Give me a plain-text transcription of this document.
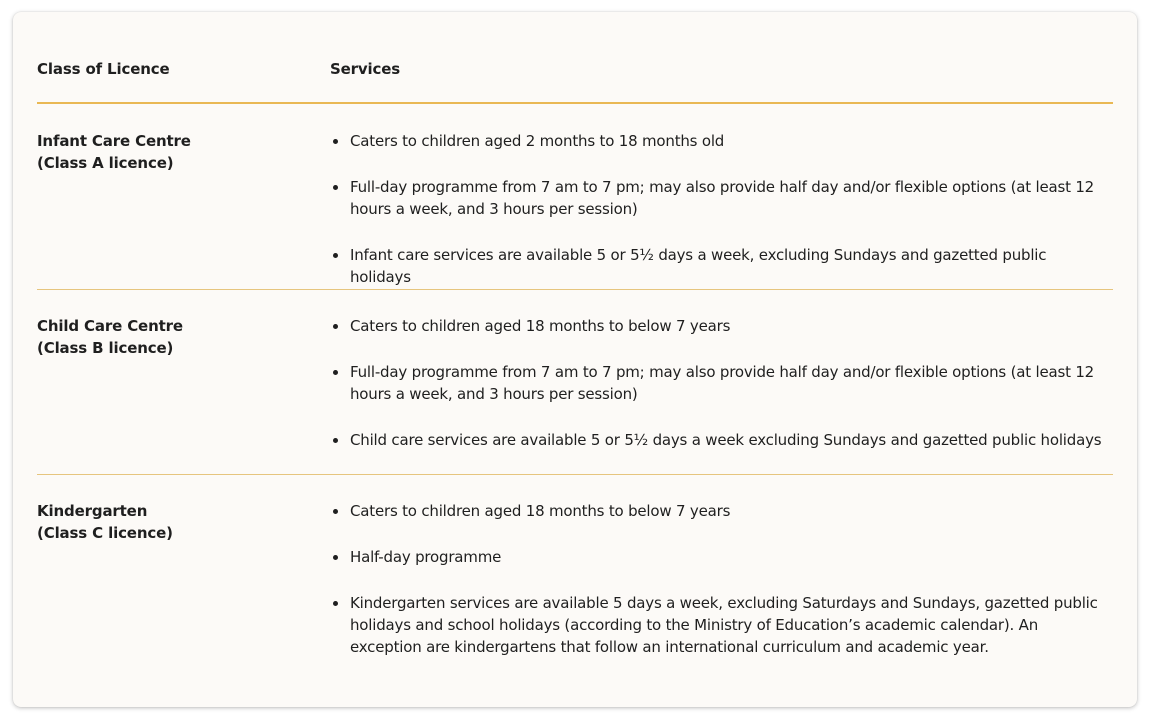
Class of Licence	Services
Infant Care Centre
(Class A licence)
Caters to children aged 2 months to 18 months old
Full-day programme from 7 am to 7 pm; may also provide half day and/or flexible options (at least 12 hours a week, and 3 hours per session)
Infant care services are available 5 or 5½ days a week, excluding Sundays and gazetted public holidays
Child Care Centre
(Class B licence)
Caters to children aged 18 months to below 7 years
Full-day programme from 7 am to 7 pm; may also provide half day and/or flexible options (at least 12 hours a week, and 3 hours per session)
Child care services are available 5 or 5½ days a week excluding Sundays and gazetted public holidays
Kindergarten
(Class C licence)
Caters to children aged 18 months to below 7 years
Half-day programme
Kindergarten services are available 5 days a week, excluding Saturdays and Sundays, gazetted public holidays and school holidays (according to the Ministry of Education’s academic calendar). An exception are kindergartens that follow an international curriculum and academic year.
